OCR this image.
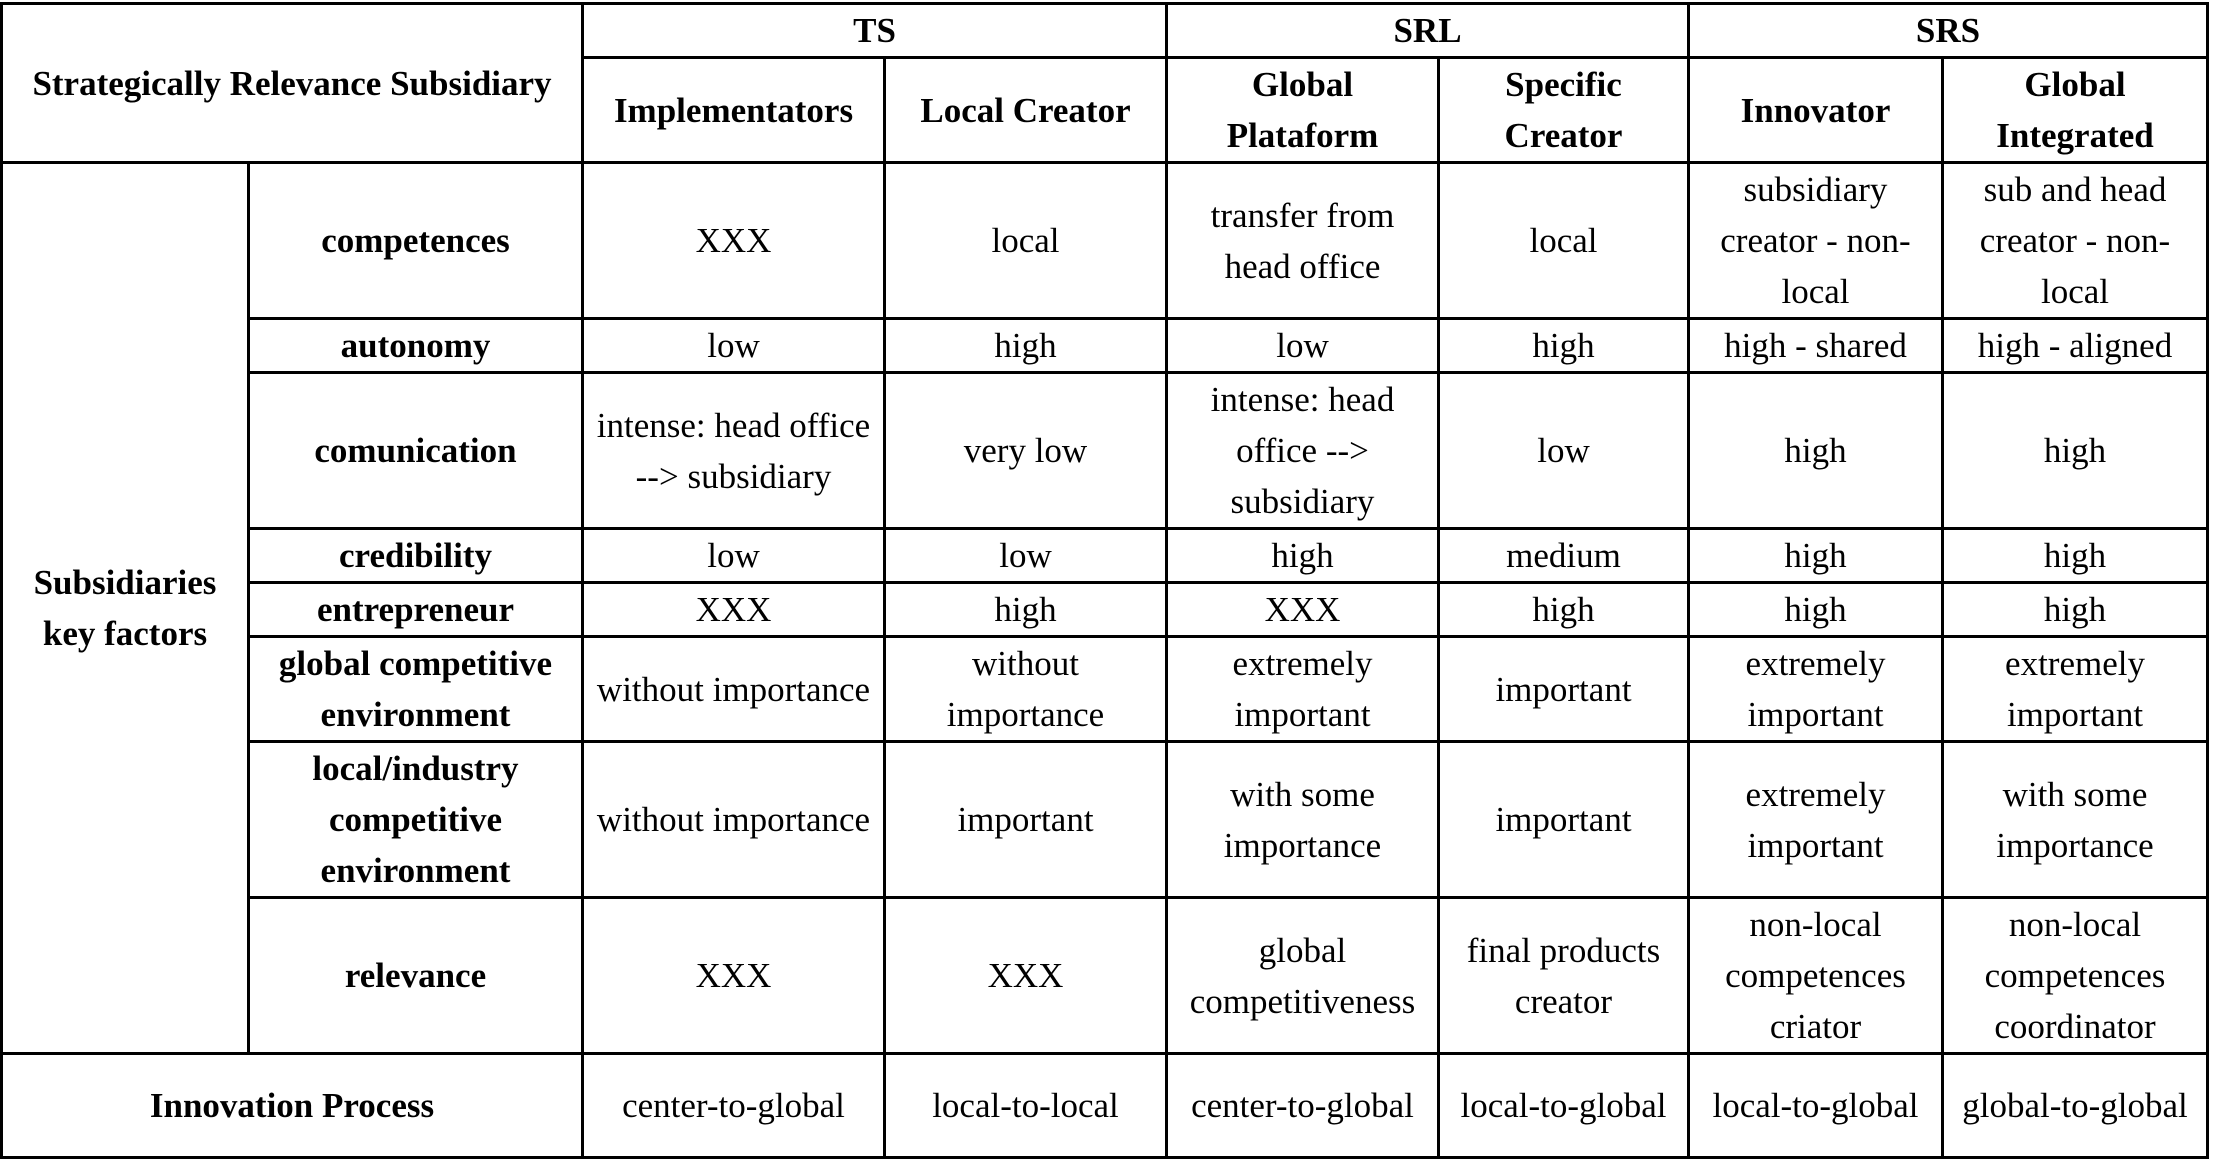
Strategically Relevance Subsidiary		TS		SRL		SRS	
		Implementators	Local Creator	Global Plataform	Specific Creator	Innovator	Global Integrated
Subsidiaries key factors	competences	XXX	local	transfer from head office	local	subsidiary creator - non-local	sub and head creator - non-local
	autonomy	low	high	low	high	high - shared	high - aligned
	comunication	intense: head office --> subsidiary	very low	intense: head office --> subsidiary	low	high	high
	credibility	low	low	high	medium	high	high
	entrepreneur	XXX	high	XXX	high	high	high
	global competitive environment	without importance	without importance	extremely important	important	extremely important	extremely important
	local/industry competitive environment	without importance	important	with some importance	important	extremely important	with some importance
	relevance	XXX	XXX	global competitiveness	final products creator	non-local competences criator	non-local competences coordinator
Innovation Process		center-to-global	local-to-local	center-to-global	local-to-global	local-to-global	global-to-global
